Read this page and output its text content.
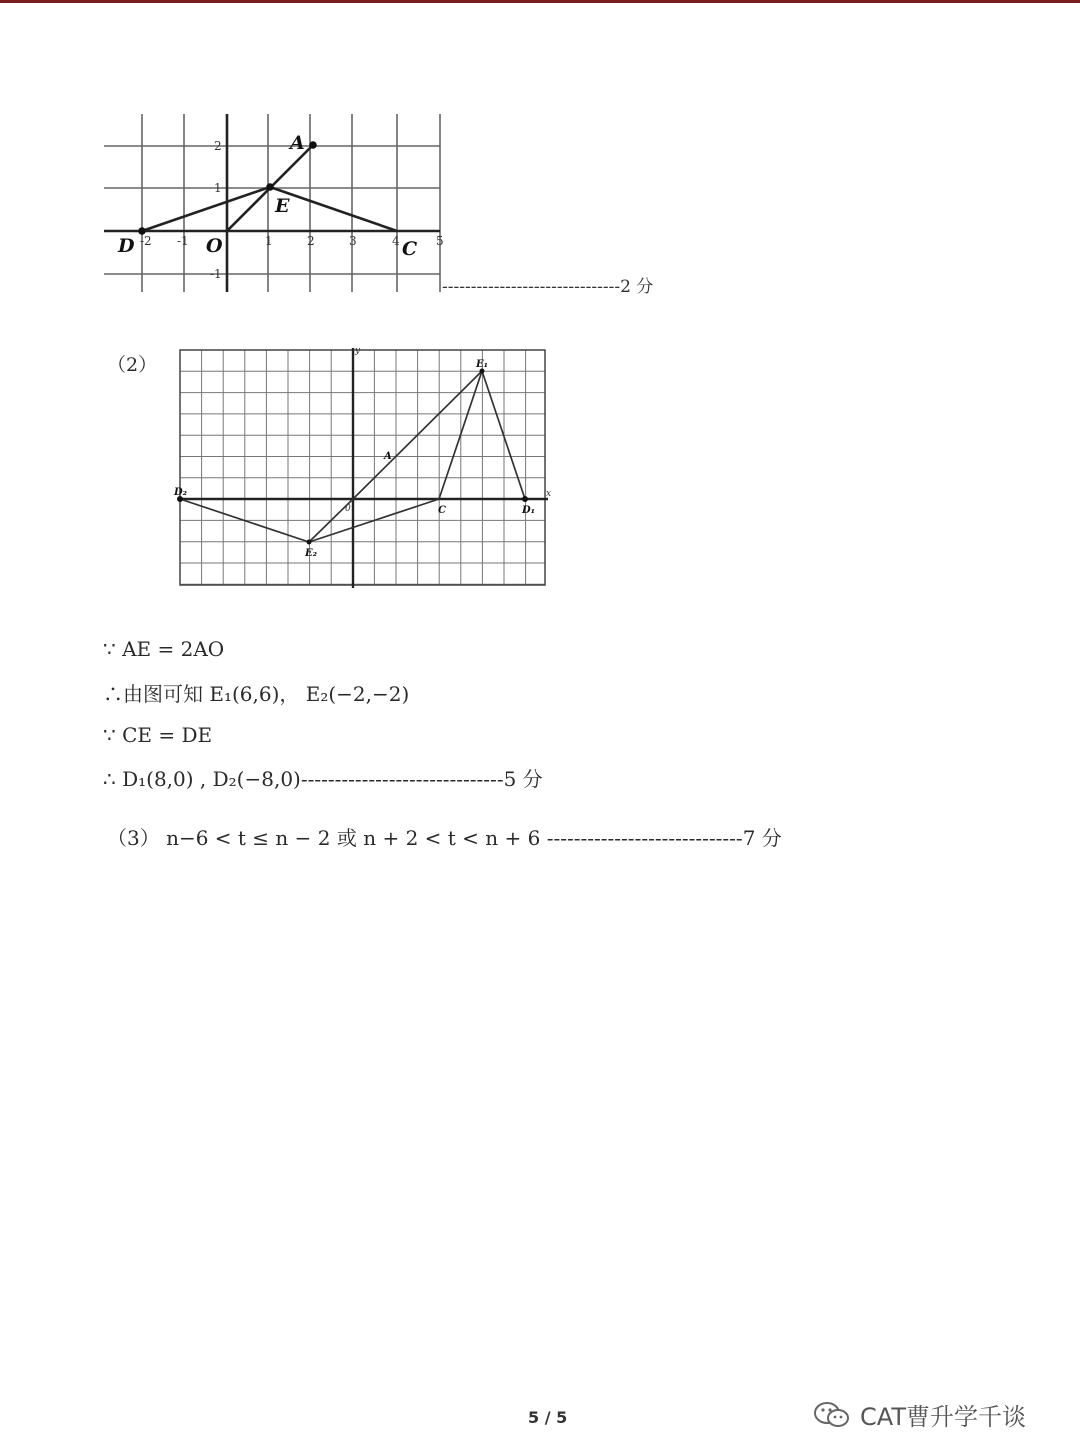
2
1
-1
-2 -1	1	2	3	4	5
O
A
E
D	C
-------------------------------2 分
（2）
D₂
E₂
E₁
D₁
C
A
x
y
0
∵ AE = 2AO
∴由图可知 E₁(6,6)， E₂(−2,−2)
∵ CE = DE
∴ D₁(8,0) , D₂(−8,0)------------------------------5 分
（3） n−6 < t ≤ n − 2 或 n + 2 < t < n + 6 -----------------------------7 分
5 / 5	CAT曹升学千谈
